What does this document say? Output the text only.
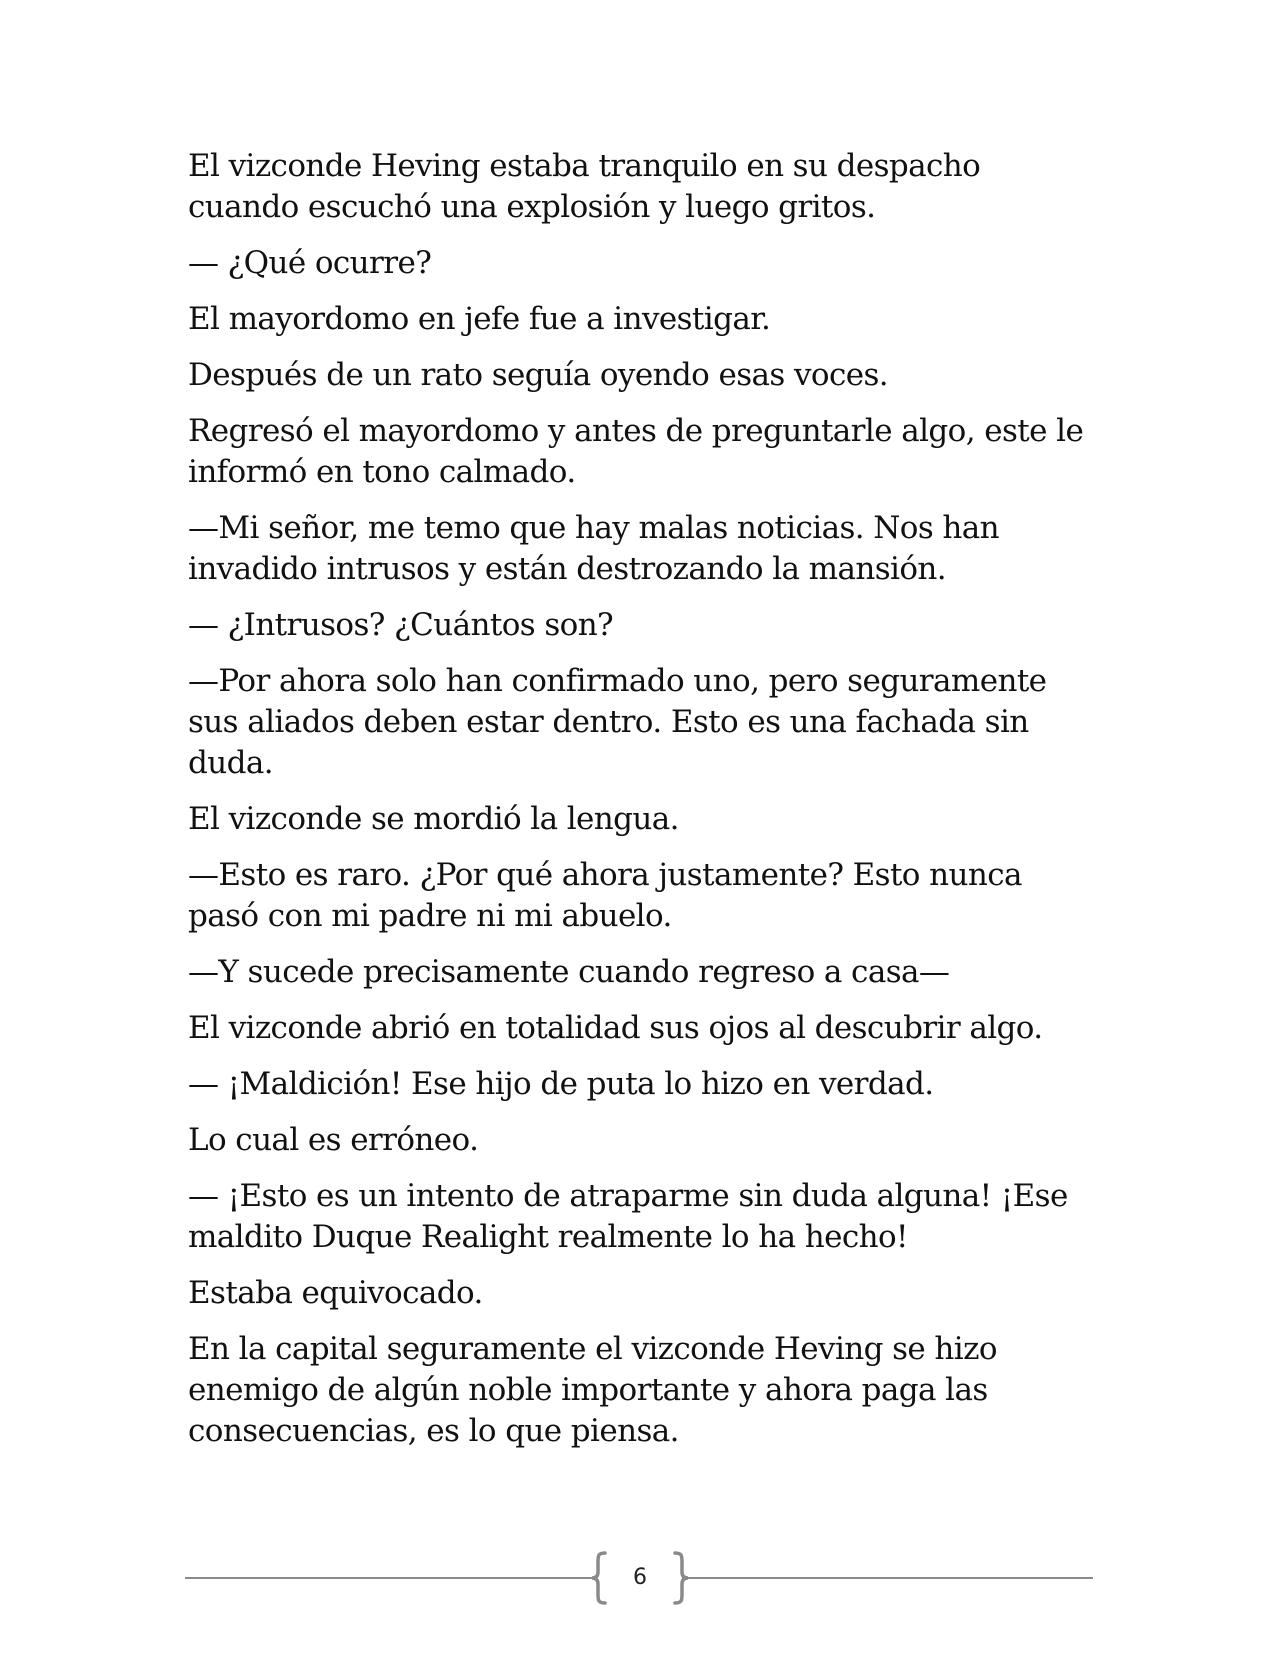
El vizconde Heving estaba tranquilo en su despacho cuando escuchó una explosión y luego gritos.

— ¿Qué ocurre?

El mayordomo en jefe fue a investigar.

Después de un rato seguía oyendo esas voces.

Regresó el mayordomo y antes de preguntarle algo, este le informó en tono calmado.

—Mi señor, me temo que hay malas noticias. Nos han invadido intrusos y están destrozando la mansión.

— ¿Intrusos? ¿Cuántos son?

—Por ahora solo han confirmado uno, pero seguramente sus aliados deben estar dentro. Esto es una fachada sin duda.

El vizconde se mordió la lengua.

—Esto es raro. ¿Por qué ahora justamente? Esto nunca pasó con mi padre ni mi abuelo.

—Y sucede precisamente cuando regreso a casa—

El vizconde abrió en totalidad sus ojos al descubrir algo.

— ¡Maldición! Ese hijo de puta lo hizo en verdad.

Lo cual es erróneo.

— ¡Esto es un intento de atraparme sin duda alguna! ¡Ese maldito Duque Realight realmente lo ha hecho!

Estaba equivocado.

En la capital seguramente el vizconde Heving se hizo enemigo de algún noble importante y ahora paga las consecuencias, es lo que piensa.

6
